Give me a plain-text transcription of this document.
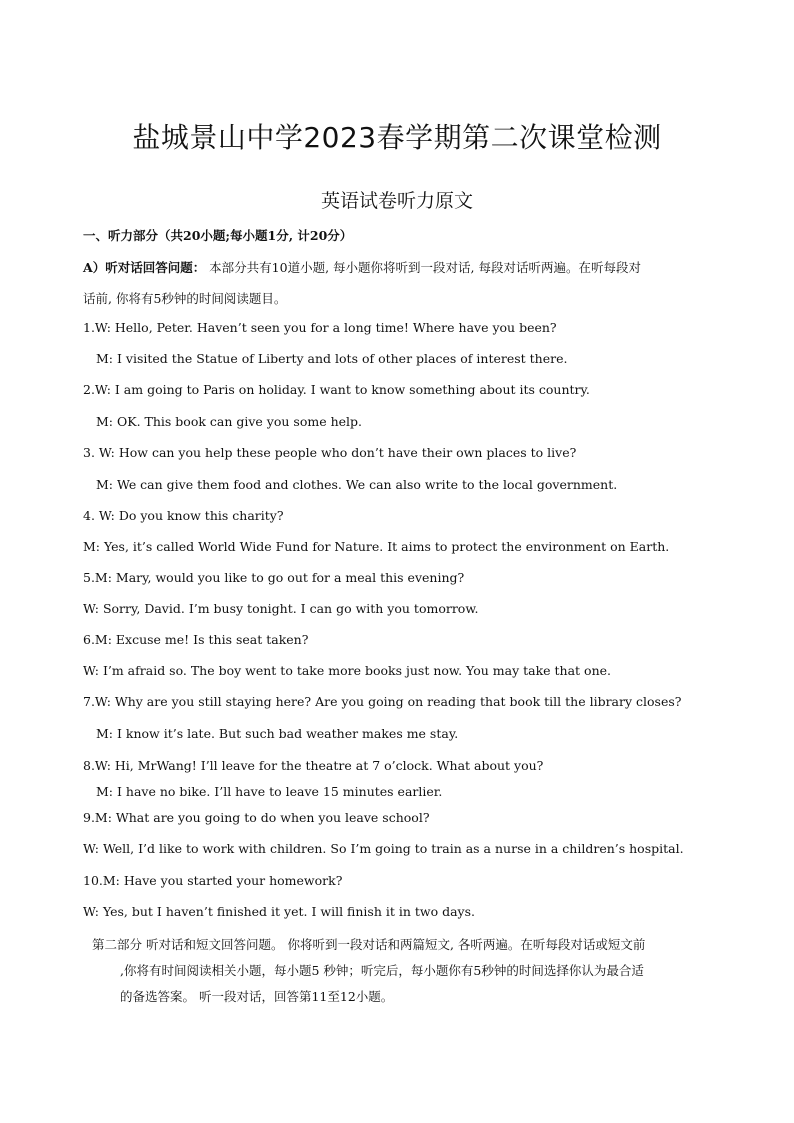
盐城景山中学2023春学期第二次课堂检测
英语试卷听力原文
一、听力部分（共20小题;每小题1分, 计20分）
A）听对话回答问题： 本部分共有10道小题, 每小题你将听到一段对话, 每段对话听两遍。在听每段对
话前, 你将有5秒钟的时间阅读题目。
1.W: Hello, Peter. Haven’t seen you for a long time! Where have you been?
M: I visited the Statue of Liberty and lots of other places of interest there.
2.W: I am going to Paris on holiday. I want to know something about its country.
M: OK. This book can give you some help.
3. W: How can you help these people who don’t have their own places to live?
M: We can give them food and clothes. We can also write to the local government.
4. W: Do you know this charity?
M: Yes, it’s called World Wide Fund for Nature. It aims to protect the environment on Earth.
5.M: Mary, would you like to go out for a meal this evening?
W: Sorry, David. I’m busy tonight. I can go with you tomorrow.
6.M: Excuse me! Is this seat taken?
W: I’m afraid so. The boy went to take more books just now. You may take that one.
7.W: Why are you still staying here? Are you going on reading that book till the library closes?
M: I know it’s late. But such bad weather makes me stay.
8.W: Hi, MrWang! I’ll leave for the theatre at 7 o’clock. What about you?
M: I have no bike. I’ll have to leave 15 minutes earlier.
9.M: What are you going to do when you leave school?
W: Well, I’d like to work with children. So I’m going to train as a nurse in a children’s hospital.
10.M: Have you started your homework?
W: Yes, but I haven’t finished it yet. I will finish it in two days.
第二部分 听对话和短文回答问题。 你将听到一段对话和两篇短文, 各听两遍。在听每段对话或短文前
,你将有时间阅读相关小题，每小题5 秒钟；听完后，每小题你有5秒钟的时间选择你认为最合适
的备选答案。 听一段对话，回答第11至12小题。
